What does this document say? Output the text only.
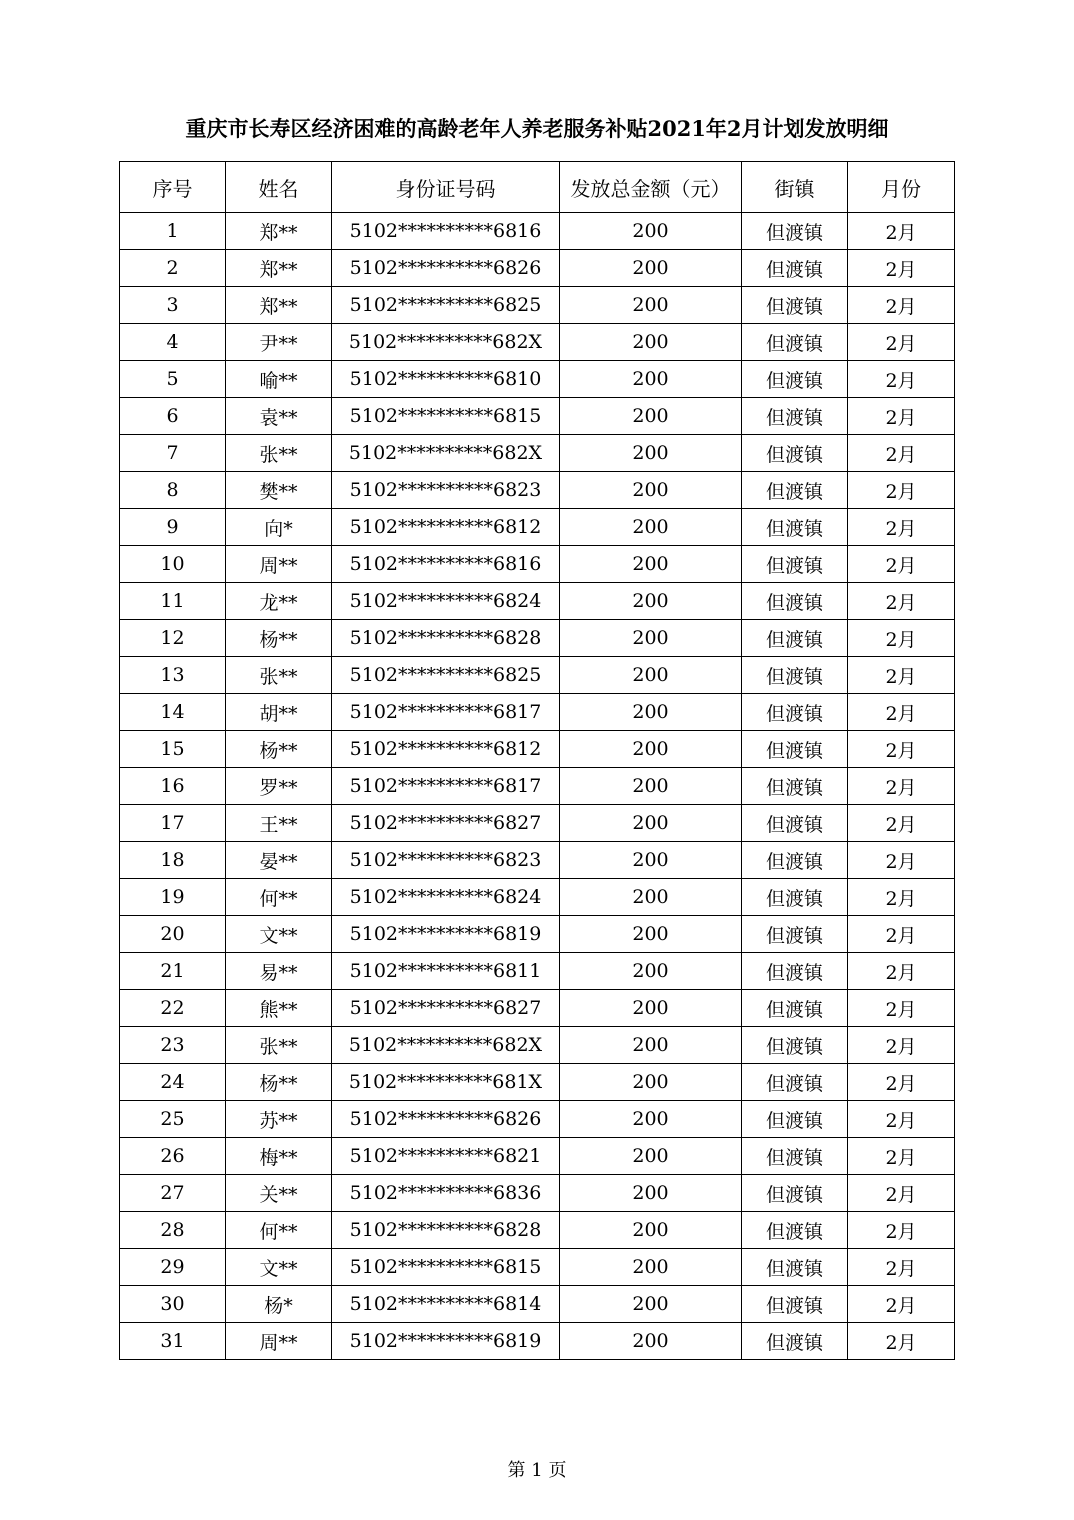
重庆市长寿区经济困难的高龄老年人养老服务补贴2021年2月计划发放明细
序号	姓名	身份证号码	发放总金额（元）	街镇	月份
1	郑**	5102**********6816	200	但渡镇	2月
2	郑**	5102**********6826	200	但渡镇	2月
3	郑**	5102**********6825	200	但渡镇	2月
4	尹**	5102**********682X	200	但渡镇	2月
5	喻**	5102**********6810	200	但渡镇	2月
6	袁**	5102**********6815	200	但渡镇	2月
7	张**	5102**********682X	200	但渡镇	2月
8	樊**	5102**********6823	200	但渡镇	2月
9	向*	5102**********6812	200	但渡镇	2月
10	周**	5102**********6816	200	但渡镇	2月
11	龙**	5102**********6824	200	但渡镇	2月
12	杨**	5102**********6828	200	但渡镇	2月
13	张**	5102**********6825	200	但渡镇	2月
14	胡**	5102**********6817	200	但渡镇	2月
15	杨**	5102**********6812	200	但渡镇	2月
16	罗**	5102**********6817	200	但渡镇	2月
17	王**	5102**********6827	200	但渡镇	2月
18	晏**	5102**********6823	200	但渡镇	2月
19	何**	5102**********6824	200	但渡镇	2月
20	文**	5102**********6819	200	但渡镇	2月
21	易**	5102**********6811	200	但渡镇	2月
22	熊**	5102**********6827	200	但渡镇	2月
23	张**	5102**********682X	200	但渡镇	2月
24	杨**	5102**********681X	200	但渡镇	2月
25	苏**	5102**********6826	200	但渡镇	2月
26	梅**	5102**********6821	200	但渡镇	2月
27	关**	5102**********6836	200	但渡镇	2月
28	何**	5102**********6828	200	但渡镇	2月
29	文**	5102**********6815	200	但渡镇	2月
30	杨*	5102**********6814	200	但渡镇	2月
31	周**	5102**********6819	200	但渡镇	2月
第 1 页
